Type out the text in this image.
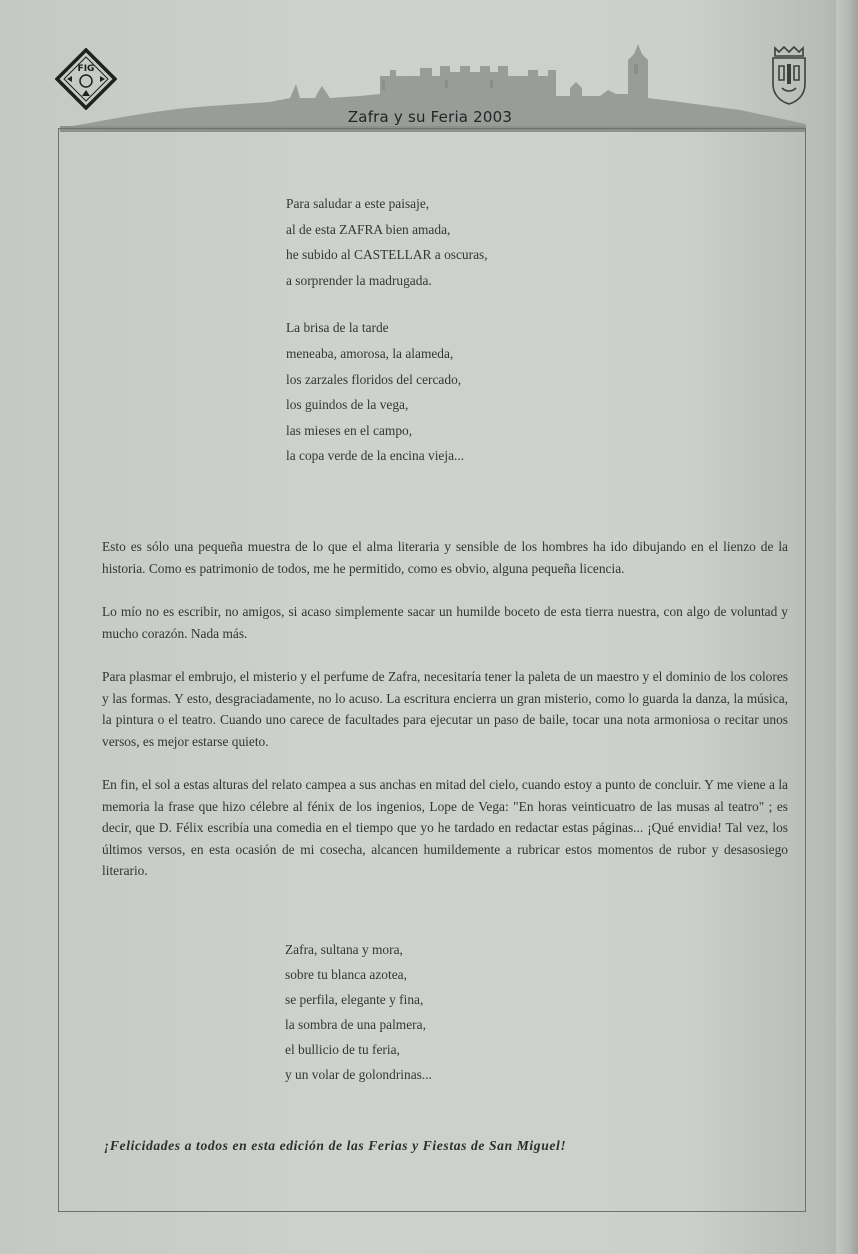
FIG
Zafra y su Feria 2003
Para saludar a este paisaje,
al de esta ZAFRA bien amada,
he subido al CASTELLAR a oscuras,
a sorprender la madrugada.
La brisa de la tarde
meneaba, amorosa, la alameda,
los zarzales floridos del cercado,
los guindos de la vega,
las mieses en el campo,
la copa verde de la encina vieja...

Esto es sólo una pequeña muestra de lo que el alma literaria y sensible de los hombres ha ido dibujando en el lienzo de la historia. Como es patrimonio de todos, me he permitido, como es obvio, alguna pequeña licencia.

Lo mío no es escribir, no amigos, si acaso simplemente sacar un humilde boceto de esta tierra nuestra, con algo de voluntad y mucho corazón. Nada más.

Para plasmar el embrujo, el misterio y el perfume de Zafra, necesitaría tener la paleta de un maestro y el dominio de los colores y las formas. Y esto, desgraciadamente, no lo acuso. La escritura encierra un gran misterio, como lo guarda la danza, la música, la pintura o el teatro. Cuando uno carece de facultades para ejecutar un paso de baile, tocar una nota armoniosa o recitar unos versos, es mejor estarse quieto.

En fin, el sol a estas alturas del relato campea a sus anchas en mitad del cielo, cuando estoy a punto de concluir. Y me viene a la memoria la frase que hizo célebre al fénix de los ingenios, Lope de Vega: "En horas veinticuatro de las musas al teatro" ; es decir, que D. Félix escribía una comedia en el tiempo que yo he tardado en redactar estas páginas... ¡Qué envidia! Tal vez, los últimos versos, en esta ocasión de mi cosecha, alcancen humildemente a rubricar estos momentos de rubor y desasosiego literario.

Zafra, sultana y mora,
sobre tu blanca azotea,
se perfila, elegante y fina,
la sombra de una palmera,
el bullicio de tu feria,
y un volar de golondrinas...
¡Felicidades a todos en esta edición de las Ferias y Fiestas de San Miguel!
